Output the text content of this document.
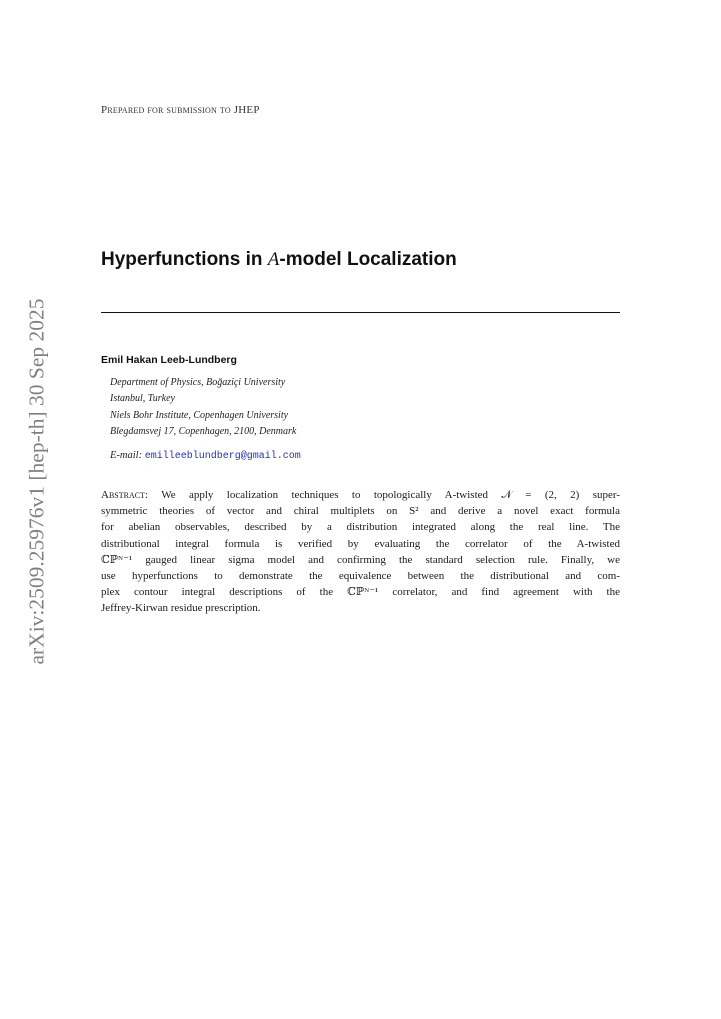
arXiv:2509.25976v1 [hep-th] 30 Sep 2025
Prepared for submission to JHEP
Hyperfunctions in A-model Localization
Emil Hakan Leeb-Lundberg
Department of Physics, Boğaziçi University
Istanbul, Turkey
Niels Bohr Institute, Copenhagen University
Blegdamsvej 17, Copenhagen, 2100, Denmark
E-mail: emilleeblundberg@gmail.com
Abstract: We apply localization techniques to topologically A-twisted 𝒩 = (2, 2) super-
symmetric theories of vector and chiral multiplets on S² and derive a novel exact formula
for abelian observables, described by a distribution integrated along the real line. The
distributional integral formula is verified by evaluating the correlator of the A-twisted
ℂℙᴺ⁻¹ gauged linear sigma model and confirming the standard selection rule. Finally, we
use hyperfunctions to demonstrate the equivalence between the distributional and com-
plex contour integral descriptions of the ℂℙᴺ⁻¹ correlator, and find agreement with the
Jeffrey-Kirwan residue prescription.
